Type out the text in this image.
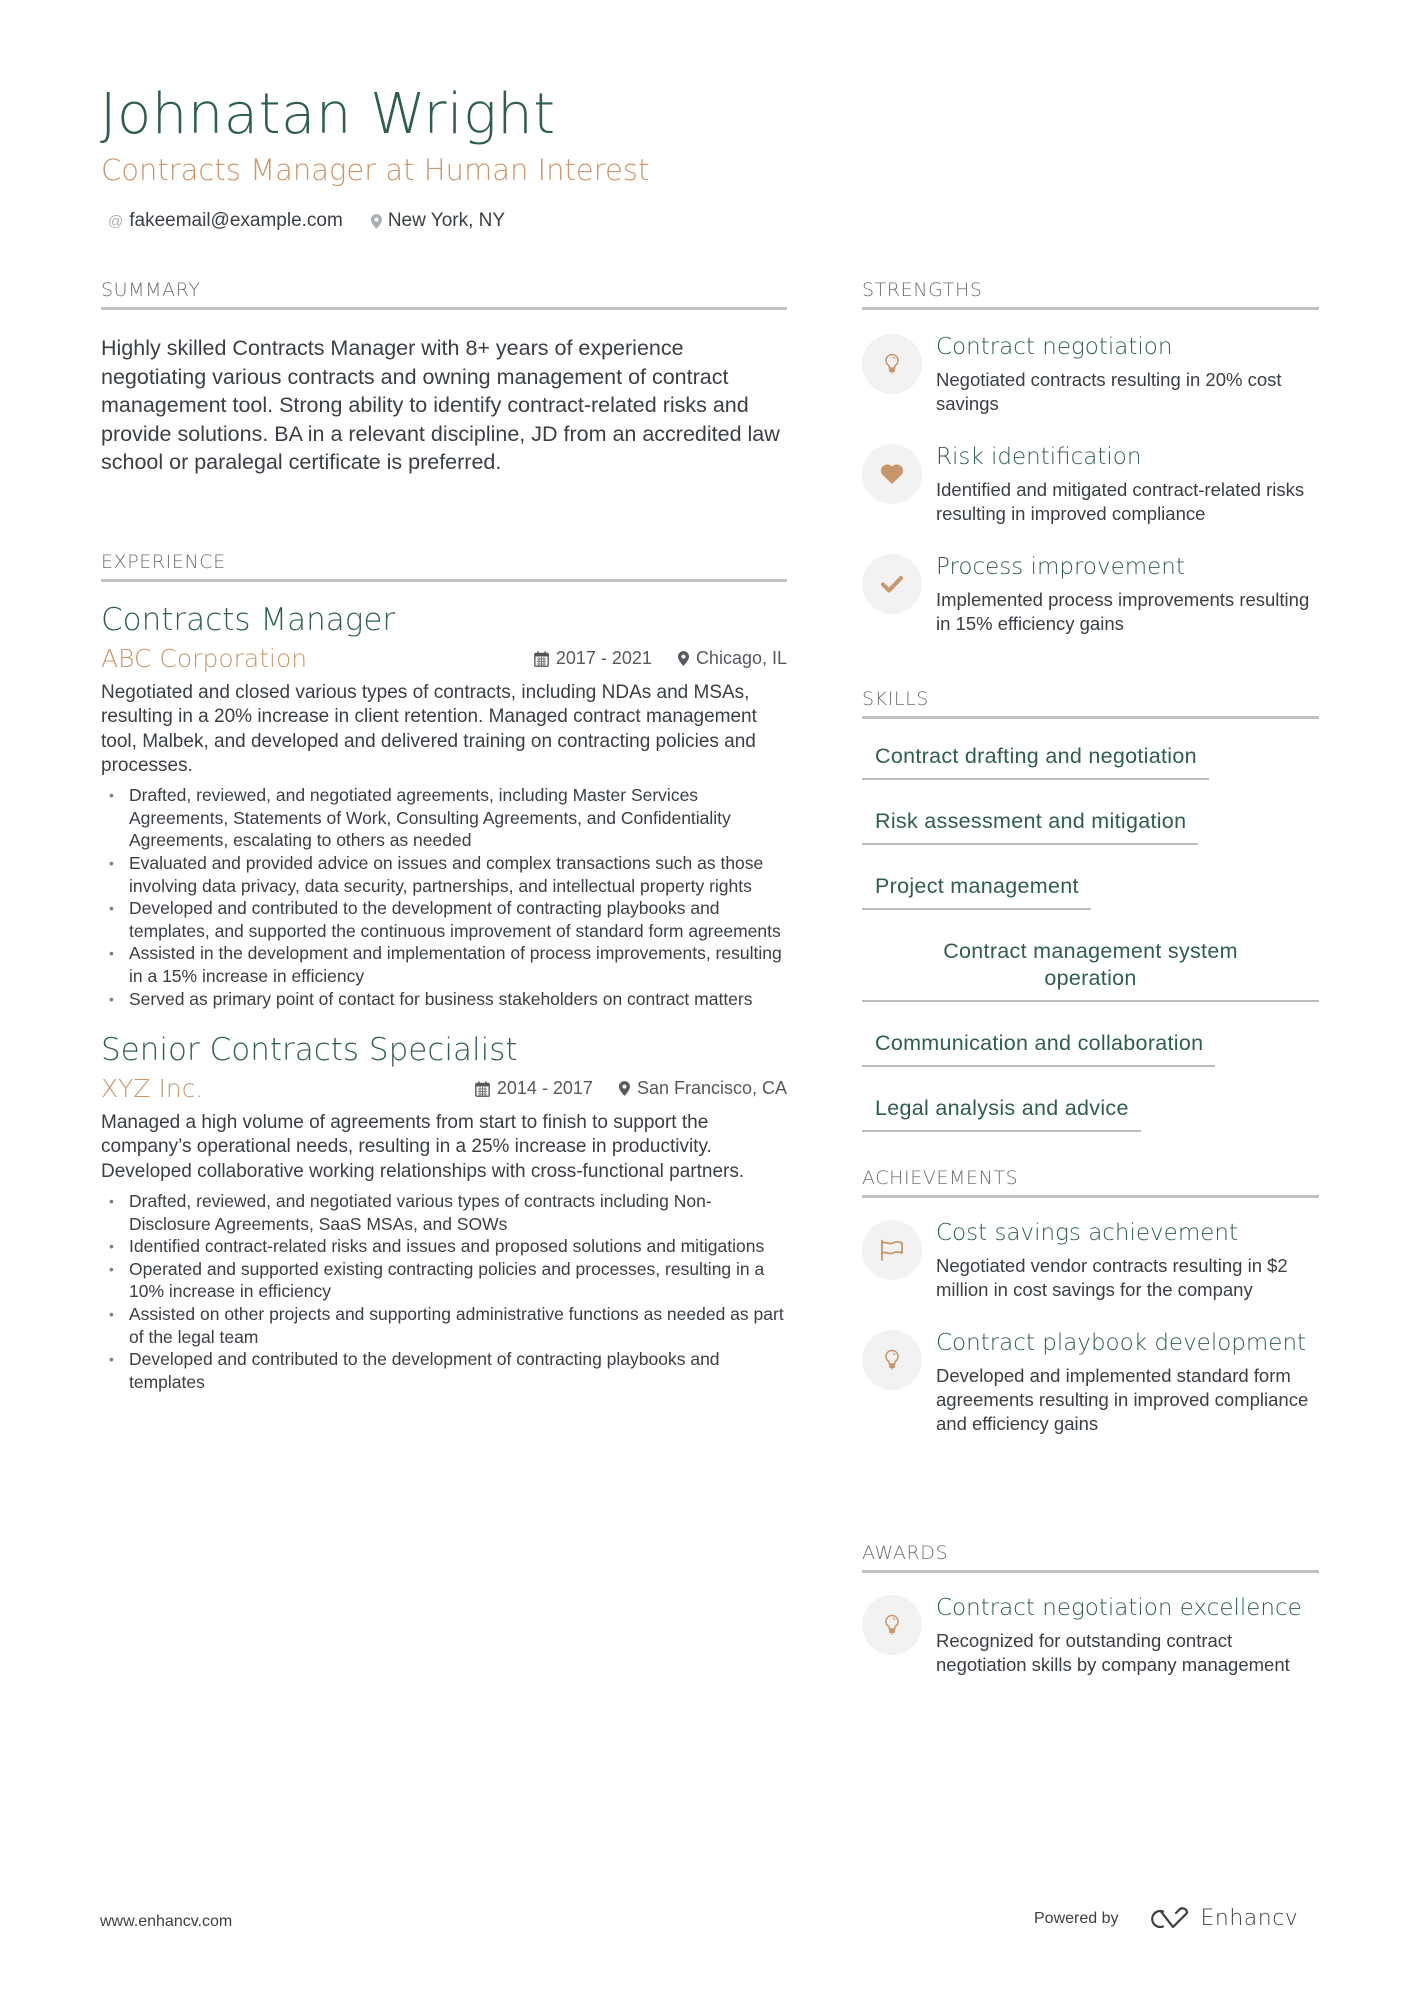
Johnatan Wright
Contracts Manager at Human Interest
@ fakeemail@example.com New York, NY
SUMMARY

Highly skilled Contracts Manager with 8+ years of experience negotiating various contracts and owning management of contract management tool. Strong ability to identify contract-related risks and provide solutions. BA in a relevant discipline, JD from an accredited law school or paralegal certificate is preferred.

EXPERIENCE
Contracts Manager
ABC Corporation	2017 - 2021 Chicago, IL

Negotiated and closed various types of contracts, including NDAs and MSAs, resulting in a 20% increase in client retention. Managed contract management tool, Malbek, and developed and delivered training on contracting policies and processes.

• Drafted, reviewed, and negotiated agreements, including Master Services Agreements, Statements of Work, Consulting Agreements, and Confidentiality Agreements, escalating to others as needed
• Evaluated and provided advice on issues and complex transactions such as those involving data privacy, data security, partnerships, and intellectual property rights
• Developed and contributed to the development of contracting playbooks and templates, and supported the continuous improvement of standard form agreements
• Assisted in the development and implementation of process improvements, resulting in a 15% increase in efficiency
• Served as primary point of contact for business stakeholders on contract matters
Senior Contracts Specialist
XYZ Inc.	2014 - 2017 San Francisco, CA

Managed a high volume of agreements from start to finish to support the company’s operational needs, resulting in a 25% increase in productivity. Developed collaborative working relationships with cross-functional partners.

• Drafted, reviewed, and negotiated various types of contracts including Non-Disclosure Agreements, SaaS MSAs, and SOWs
• Identified contract-related risks and issues and proposed solutions and mitigations
• Operated and supported existing contracting policies and processes, resulting in a 10% increase in efficiency
• Assisted on other projects and supporting administrative functions as needed as part of the legal team
• Developed and contributed to the development of contracting playbooks and templates
STRENGTHS
Contract negotiation
Negotiated contracts resulting in 20% cost savings
Risk identification
Identified and mitigated contract-related risks resulting in improved compliance
Process improvement
Implemented process improvements resulting in 15% efficiency gains
SKILLS
Contract drafting and negotiation
Risk assessment and mitigation
Project management
Contract management system operation
Communication and collaboration
Legal analysis and advice
ACHIEVEMENTS
Cost savings achievement
Negotiated vendor contracts resulting in $2 million in cost savings for the company
Contract playbook development
Developed and implemented standard form agreements resulting in improved compliance and efficiency gains
AWARDS
Contract negotiation excellence
Recognized for outstanding contract negotiation skills by company management
www.enhancv.com	Powered by	Enhancv
